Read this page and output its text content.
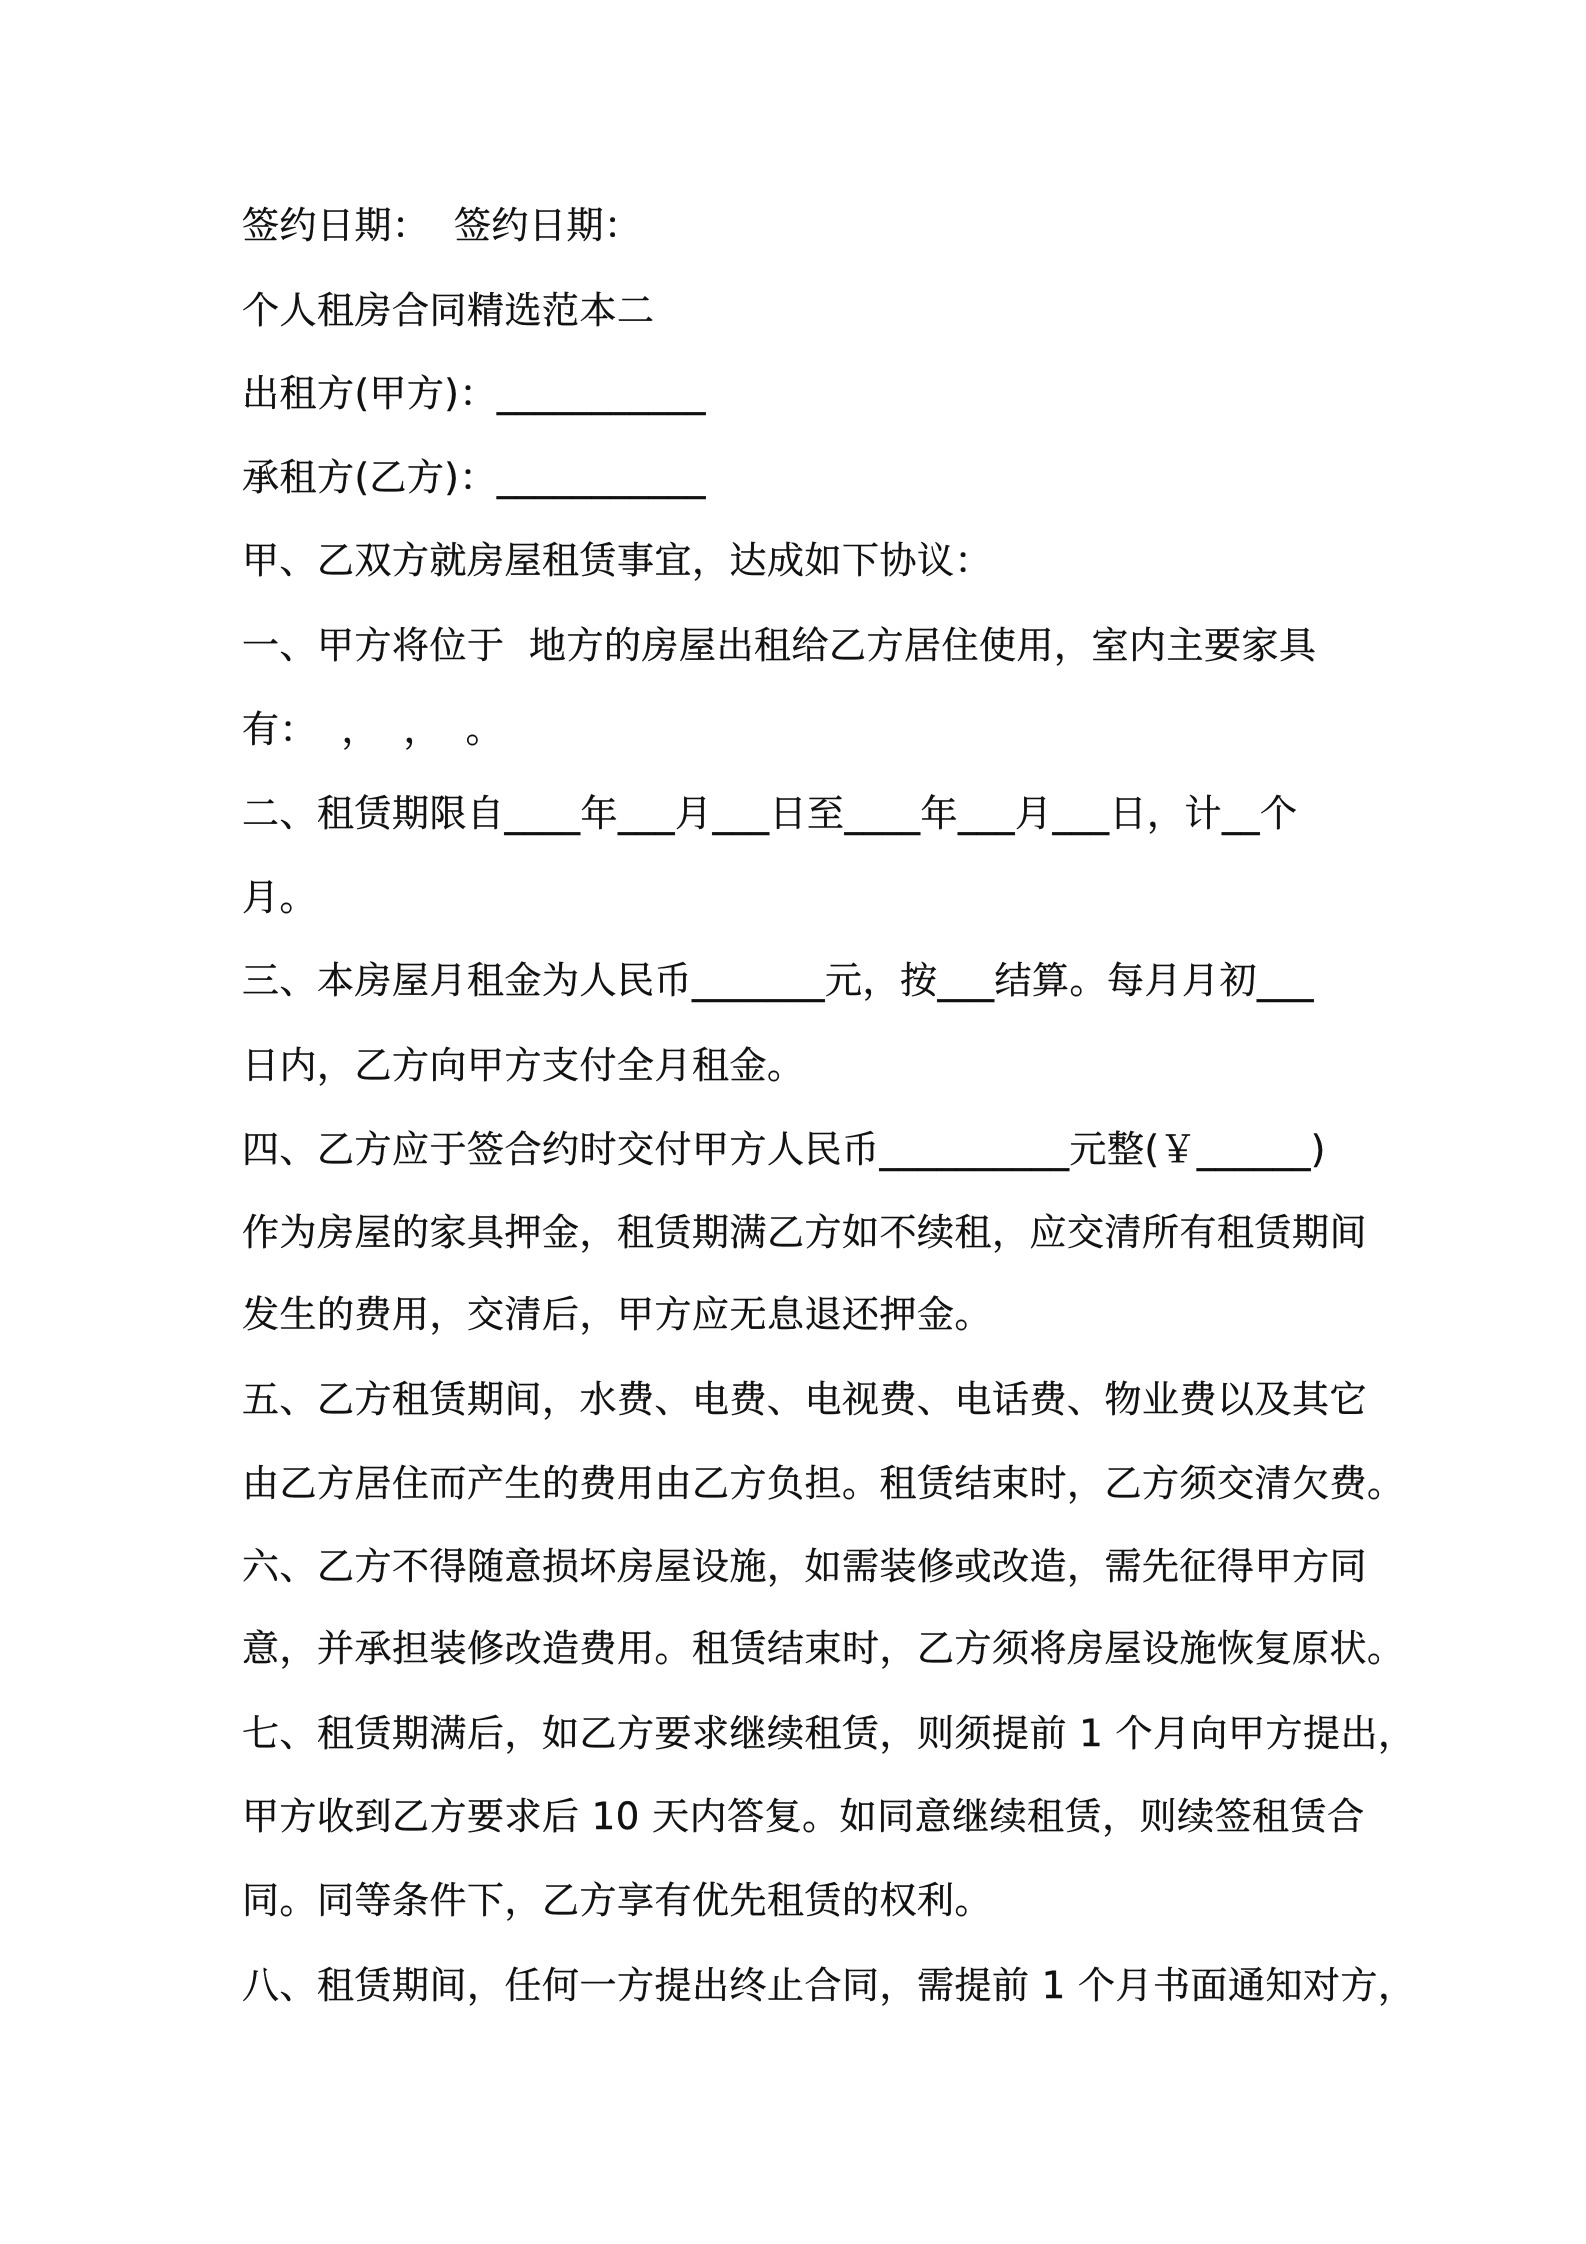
签约日期：  签约日期：
个人租房合同精选范本二
出租方(甲方)：___________
承租方(乙方)：___________
甲、乙双方就房屋租赁事宜，达成如下协议：
一、甲方将位于  地方的房屋出租给乙方居住使用，室内主要家具
有：  ，  ，  。
二、租赁期限自____年___月___日至____年___月___日，计__个
月。
三、本房屋月租金为人民币_______元，按___结算。每月月初___
日内，乙方向甲方支付全月租金。
四、乙方应于签合约时交付甲方人民币__________元整(￥______)
作为房屋的家具押金，租赁期满乙方如不续租，应交清所有租赁期间
发生的费用，交清后，甲方应无息退还押金。
五、乙方租赁期间，水费、电费、电视费、电话费、物业费以及其它
由乙方居住而产生的费用由乙方负担。租赁结束时，乙方须交清欠费。
六、乙方不得随意损坏房屋设施，如需装修或改造，需先征得甲方同
意，并承担装修改造费用。租赁结束时，乙方须将房屋设施恢复原状。
七、租赁期满后，如乙方要求继续租赁，则须提前 1 个月向甲方提出，
甲方收到乙方要求后 10 天内答复。如同意继续租赁，则续签租赁合
同。同等条件下，乙方享有优先租赁的权利。
八、租赁期间，任何一方提出终止合同，需提前 1 个月书面通知对方，
